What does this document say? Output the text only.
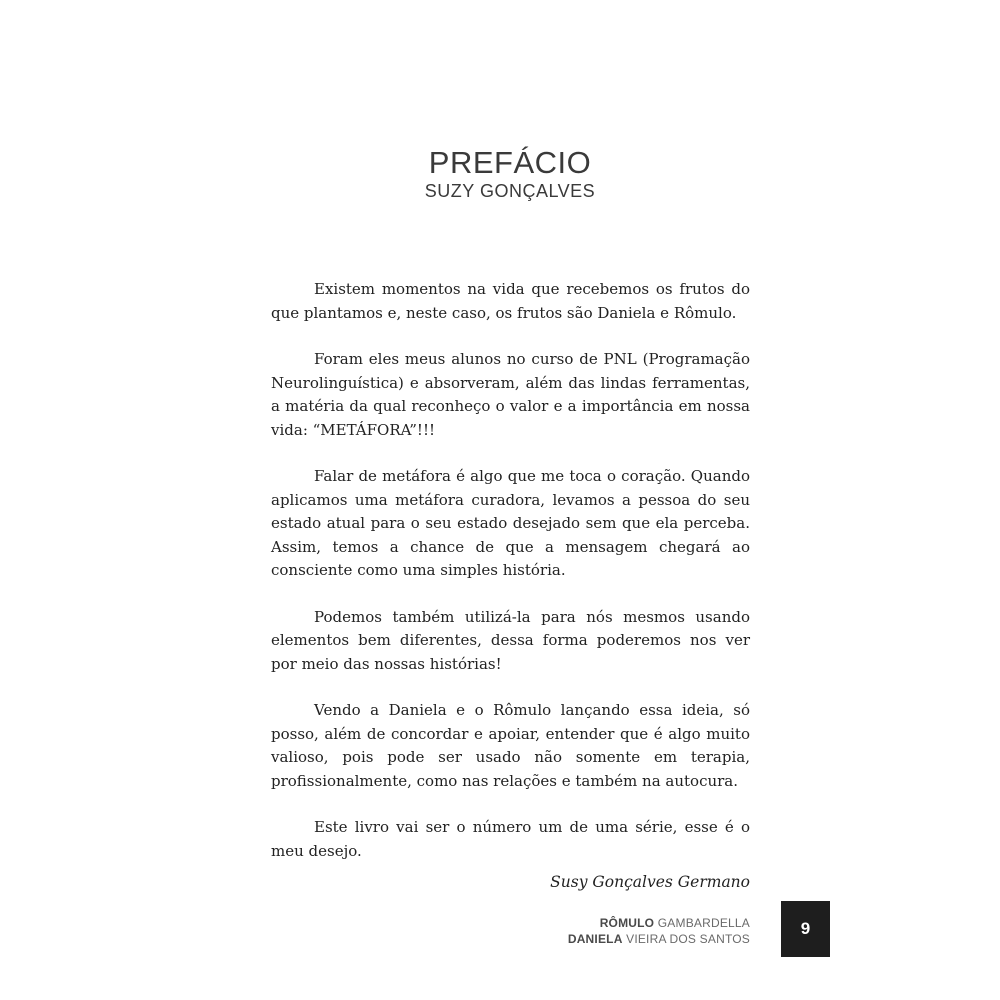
PREFÁCIO
SUZY GONÇALVES

Existem momentos na vida que recebemos os frutos do que plantamos e, neste caso, os frutos são Daniela e Rômulo.

Foram eles meus alunos no curso de PNL (Programação Neurolinguística) e absorveram, além das lindas ferramentas, a matéria da qual reconheço o valor e a importância em nossa vida: “METÁFORA”!!!

Falar de metáfora é algo que me toca o coração. Quando aplicamos uma metáfora curadora, levamos a pessoa do seu estado atual para o seu estado desejado sem que ela perceba. Assim, temos a chance de que a mensagem chegará ao consciente como uma simples história.

Podemos também utilizá-la para nós mesmos usando elementos bem diferentes, dessa forma poderemos nos ver por meio das nossas histórias!

Vendo a Daniela e o Rômulo lançando essa ideia, só posso, além de concordar e apoiar, entender que é algo muito valioso, pois pode ser usado não somente em terapia, profissionalmente, como nas relações e também na autocura.

Este livro vai ser o número um de uma série, esse é o meu desejo.

Susy Gonçalves Germano
RÔMULO GAMBARDELLA
DANIELA VIEIRA DOS SANTOS
9
